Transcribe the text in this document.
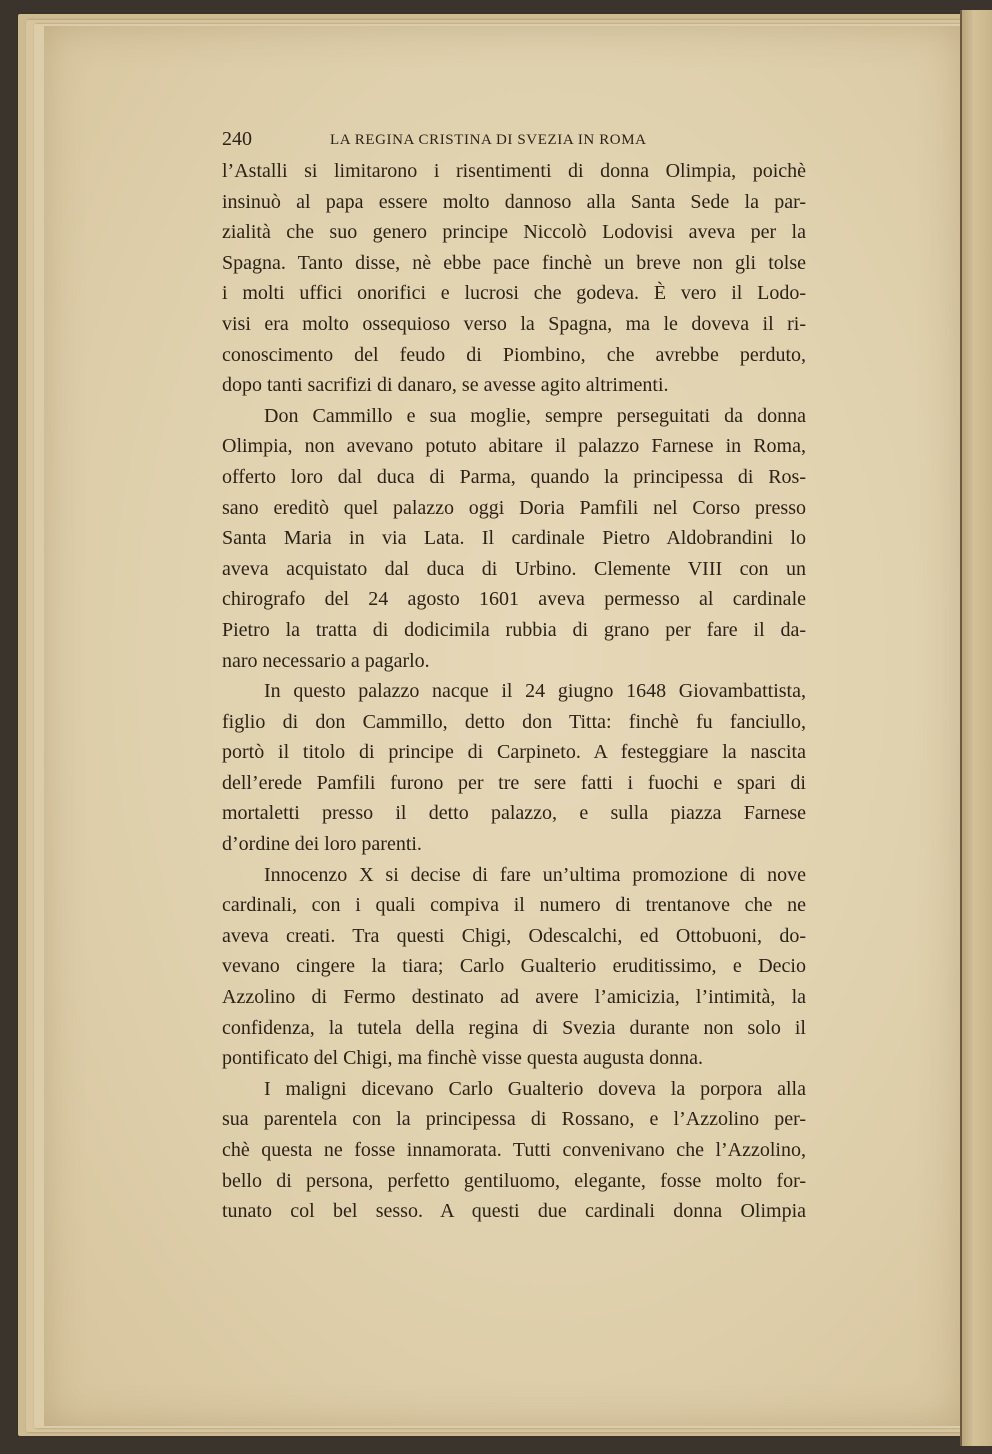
240	LA REGINA CRISTINA DI SVEZIA IN ROMA
l’Astalli si limitarono i risentimenti di donna Olimpia, poichè
insinuò al papa essere molto dannoso alla Santa Sede la par-
zialità che suo genero principe Niccolò Lodovisi aveva per la
Spagna. Tanto disse, nè ebbe pace finchè un breve non gli tolse
i molti uffici onorifici e lucrosi che godeva. È vero il Lodo-
visi era molto ossequioso verso la Spagna, ma le doveva il ri-
conoscimento del feudo di Piombino, che avrebbe perduto,
dopo tanti sacrifizi di danaro, se avesse agito altrimenti.
Don Cammillo e sua moglie, sempre perseguitati da donna
Olimpia, non avevano potuto abitare il palazzo Farnese in Roma,
offerto loro dal duca di Parma, quando la principessa di Ros-
sano ereditò quel palazzo oggi Doria Pamfili nel Corso presso
Santa Maria in via Lata. Il cardinale Pietro Aldobrandini lo
aveva acquistato dal duca di Urbino. Clemente VIII con un
chirografo del 24 agosto 1601 aveva permesso al cardinale
Pietro la tratta di dodicimila rubbia di grano per fare il da-
naro necessario a pagarlo.
In questo palazzo nacque il 24 giugno 1648 Giovambattista,
figlio di don Cammillo, detto don Titta: finchè fu fanciullo,
portò il titolo di principe di Carpineto. A festeggiare la nascita
dell’erede Pamfili furono per tre sere fatti i fuochi e spari di
mortaletti presso il detto palazzo, e sulla piazza Farnese
d’ordine dei loro parenti.
Innocenzo X si decise di fare un’ultima promozione di nove
cardinali, con i quali compiva il numero di trentanove che ne
aveva creati. Tra questi Chigi, Odescalchi, ed Ottobuoni, do-
vevano cingere la tiara; Carlo Gualterio eruditissimo, e Decio
Azzolino di Fermo destinato ad avere l’amicizia, l’intimità, la
confidenza, la tutela della regina di Svezia durante non solo il
pontificato del Chigi, ma finchè visse questa augusta donna.
I maligni dicevano Carlo Gualterio doveva la porpora alla
sua parentela con la principessa di Rossano, e l’Azzolino per-
chè questa ne fosse innamorata. Tutti convenivano che l’Azzolino,
bello di persona, perfetto gentiluomo, elegante, fosse molto for-
tunato col bel sesso. A questi due cardinali donna Olimpia
